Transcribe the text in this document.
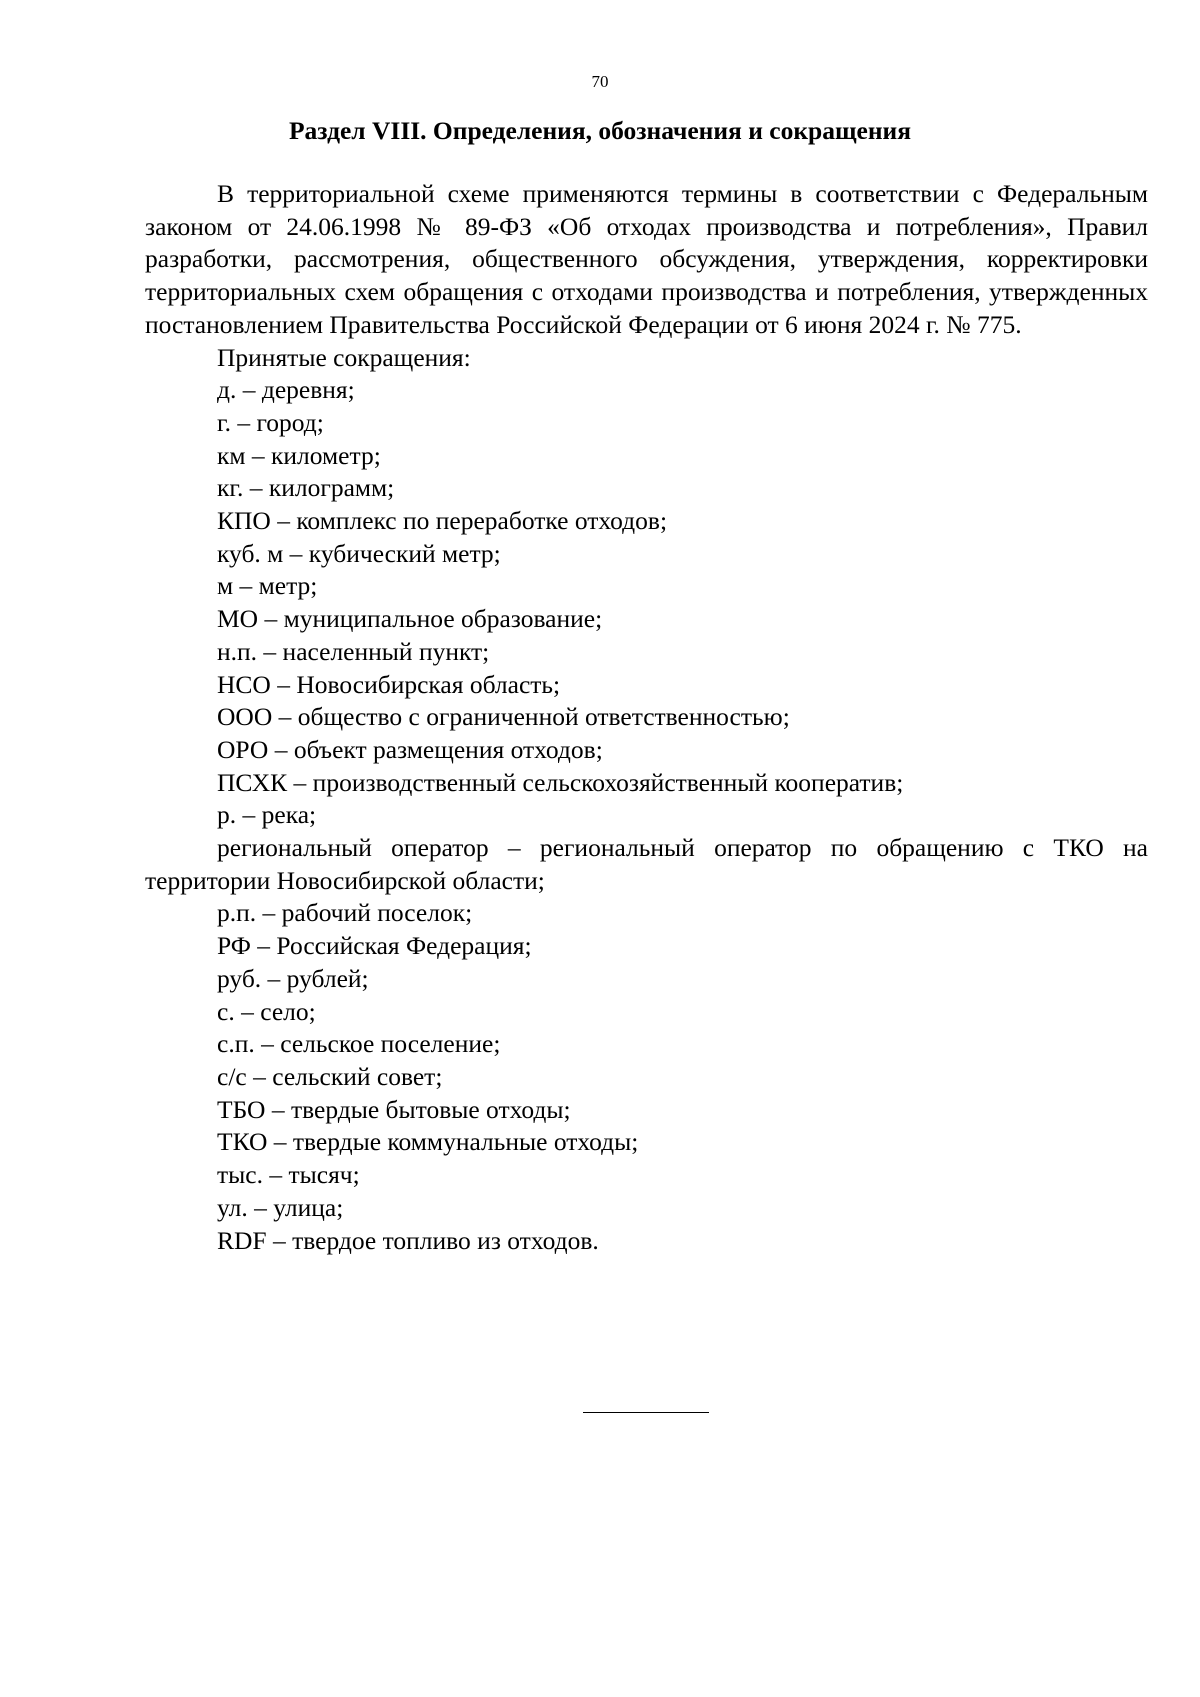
70
Раздел VIII. Определения, обозначения и сокращения

В территориальной схеме применяются термины в соответствии с Федеральным законом от 24.06.1998 № 89-ФЗ «Об отходах производства и потребления», Правил разработки, рассмотрения, общественного обсуждения, утверждения, корректировки территориальных схем обращения с отходами производства и потребления, утвержденных постановлением Правительства Российской Федерации от 6 июня 2024 г. № 775.

Принятые сокращения:

д. – деревня;

г. – город;

км – километр;

кг. – килограмм;

КПО – комплекс по переработке отходов;

куб. м – кубический метр;

м – метр;

МО – муниципальное образование;

н.п. – населенный пункт;

НСО – Новосибирская область;

ООО – общество с ограниченной ответственностью;

ОРО – объект размещения отходов;

ПСХК – производственный сельскохозяйственный кооператив;

р. – река;

региональный оператор – региональный оператор по обращению с ТКО на территории Новосибирской области;

р.п. – рабочий поселок;

РФ – Российская Федерация;

руб. – рублей;

с. – село;

с.п. – сельское поселение;

с/с – сельский совет;

ТБО – твердые бытовые отходы;

ТКО – твердые коммунальные отходы;

тыс. – тысяч;

ул. – улица;

RDF – твердое топливо из отходов.
